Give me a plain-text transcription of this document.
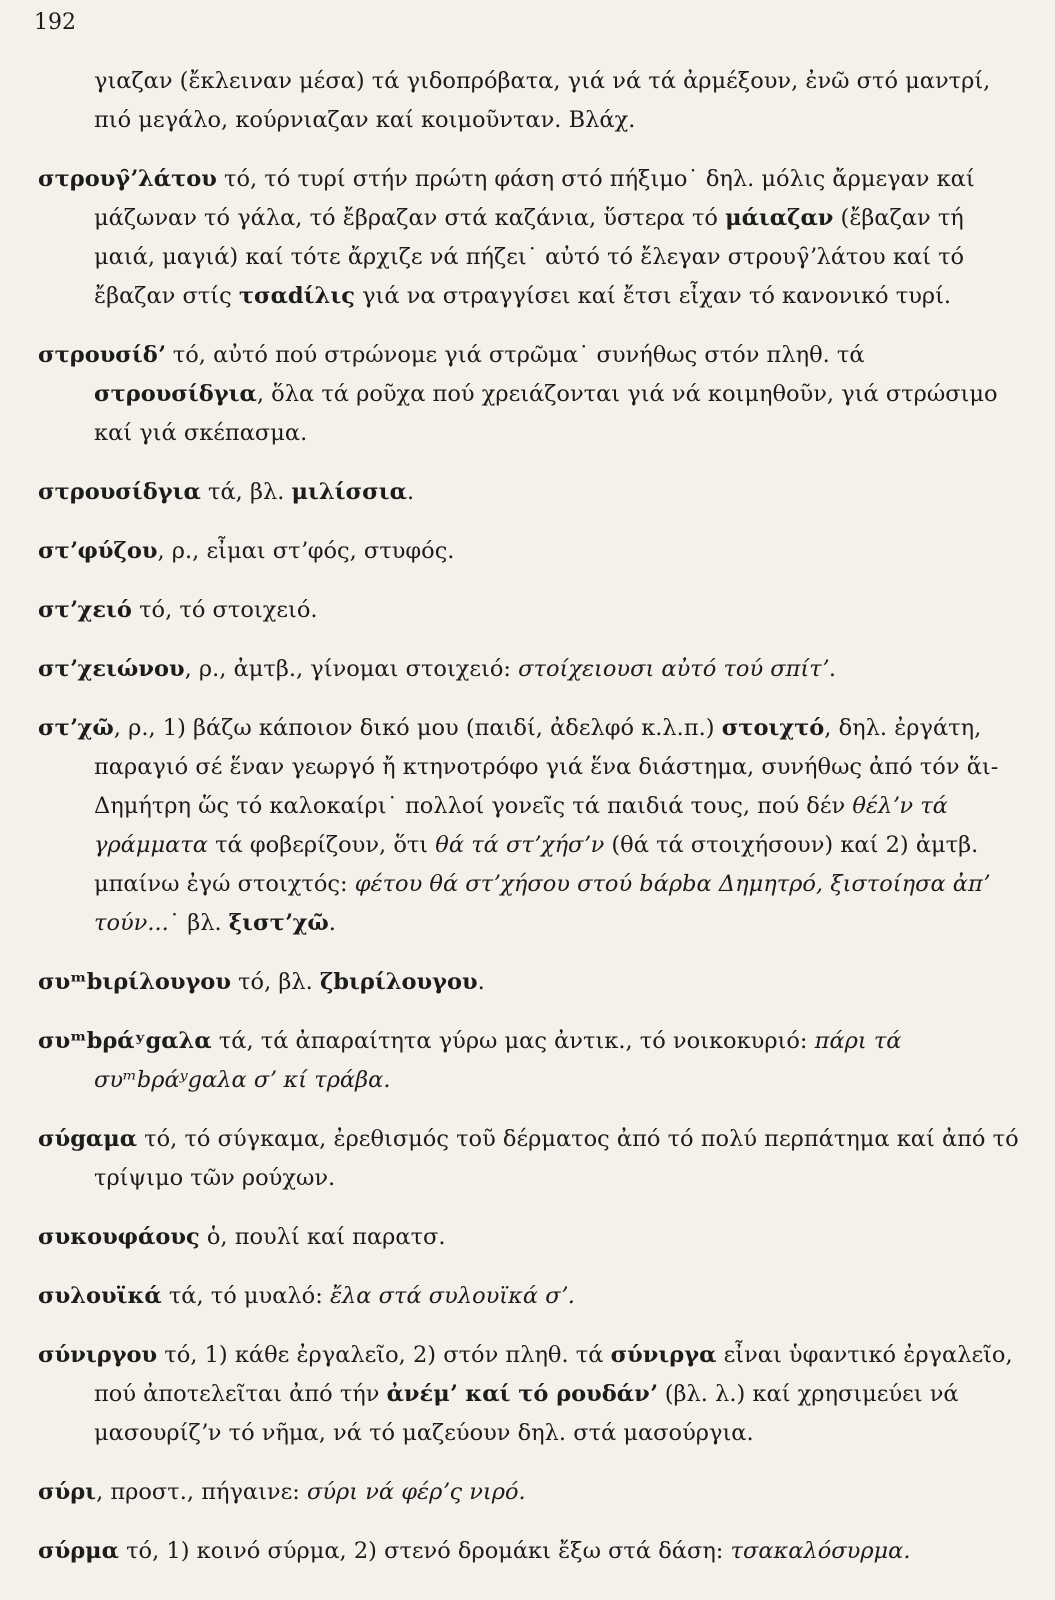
192

γιαζαν (ἔκλειναν μέσα) τά γιδοπρόβατα, γιά νά τά ἀρμέξουν, ἐνῶ στό μαντρί, πιό μεγάλο, κούρνιαζαν καί κοιμοῦνταν. Βλάχ.

στρουγ̑ʼλάτου τό, τό τυρί στήν πρώτη φάση στό πήξιμο˙ δηλ. μόλις ἄρμεγαν καί μάζωναν τό γάλα, τό ἔβραζαν στά καζάνια, ὕστερα τό μάιαζαν (ἔβαζαν τή μαιά, μαγιά) καί τότε ἄρχιζε νά πήζει˙ αὐτό τό ἔλεγαν στρουγ̑ʼλάτου καί τό ἔβαζαν στίς τσαdίλις γιά να στραγγίσει καί ἔτσι εἶχαν τό κανονικό τυρί.

στρουσίδʼ τό, αὐτό πού στρώνομε γιά στρῶμα˙ συνήθως στόν πληθ. τά στρουσίδγια, ὅλα τά ροῦχα πού χρειάζονται γιά νά κοιμηθοῦν, γιά στρώσιμο καί γιά σκέπασμα.

στρουσίδγια τά, βλ. μιλίσσια.

στʼφύζου, ρ., εἶμαι στʼφός, στυφός.

στʼχειό τό, τό στοιχειό.

στʼχειώνου, ρ., ἀμτβ., γίνομαι στοιχειό: στοίχειουσι αὐτό τού σπίτʼ.

στʼχῶ, ρ., 1) βάζω κάποιον δικό μου (παιδί, ἀδελφό κ.λ.π.) στοιχτό, δηλ. ἐργάτη, παραγιό σέ ἕναν γεωργό ἤ κτηνοτρόφο γιά ἕνα διάστημα, συνήθως ἀπό τόν ἅι-Δημήτρη ὥς τό καλοκαίρι˙ πολλοί γονεῖς τά παιδιά τους, πού δέν θέλʼν τά γράμματα τά φοβερίζουν, ὅτι θά τά στʼχήσʼν (θά τά στοιχήσουν) καί 2) ἀμτβ. μπαίνω ἐγώ στοιχτός: φέτου θά στʼχήσου στού bάρbα Δημητρό, ξιστοίησα ἀπʼ τούν...˙ βλ. ξιστʼχῶ.

συᵐbιρίλουγου τό, βλ. ζbιρίλουγου.

συᵐbράʸgαλα τά, τά ἀπαραίτητα γύρω μας ἀντικ., τό νοικοκυριό: πάρι τά συᵐbράʸgαλα σʼ κί τράβα.

σύgαμα τό, τό σύγκαμα, ἐρεθισμός τοῦ δέρματος ἀπό τό πολύ περπάτημα καί ἀπό τό τρίψιμο τῶν ρούχων.

συκουφάους ὁ, πουλί καί παρατσ.

συλουϊκά τά, τό μυαλό: ἔλα στά συλουϊκά σʼ.

σύνιργου τό, 1) κάθε ἐργαλεῖο, 2) στόν πληθ. τά σύνιργα εἶναι ὑφαντικό ἐργαλεῖο, πού ἀποτελεῖται ἀπό τήν ἀνέμʼ καί τό ρουδάνʼ (βλ. λ.) καί χρησιμεύει νά μασουρίζʼν τό νῆμα, νά τό μαζεύουν δηλ. στά μασούργια.

σύρι, προστ., πήγαινε: σύρι νά φέρʼς νιρό.

σύρμα τό, 1) κοινό σύρμα, 2) στενό δρομάκι ἔξω στά δάση: τσακαλόσυρμα.
